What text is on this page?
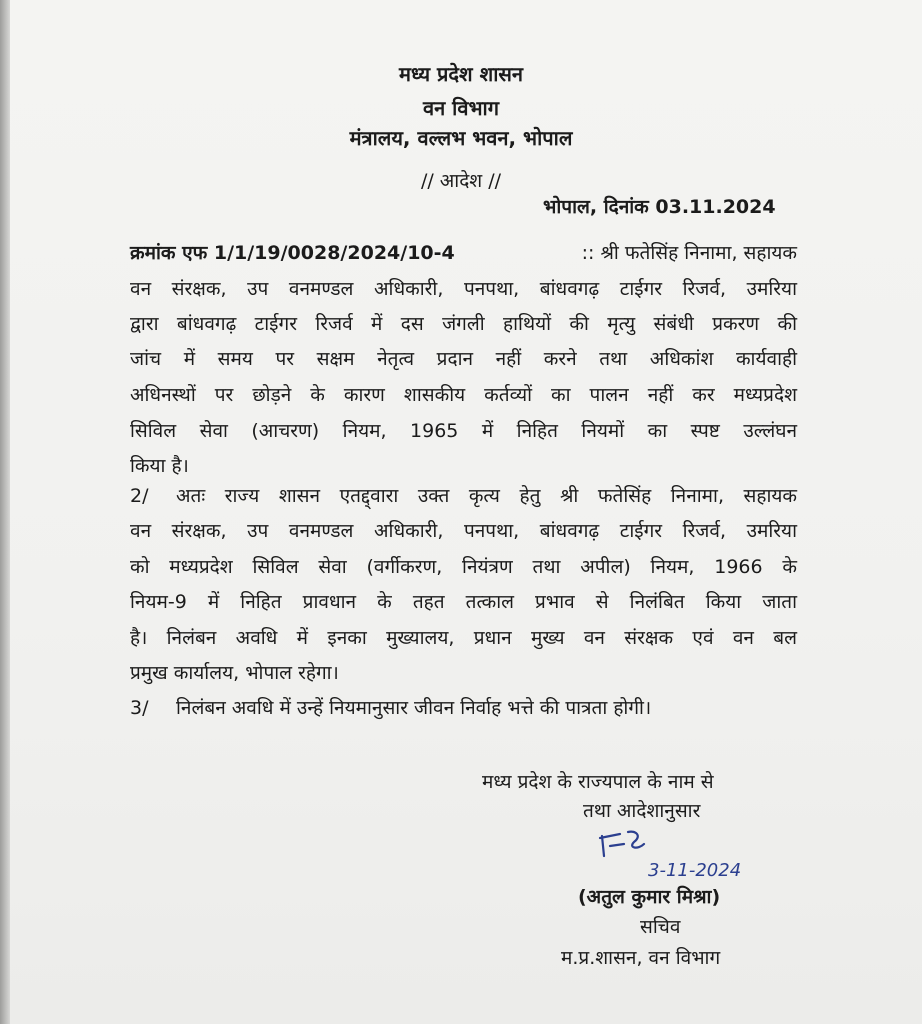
मध्य प्रदेश शासन
वन विभाग
मंत्रालय, वल्लभ भवन, भोपाल
// आदेश //
भोपाल, दिनांक 03.11.2024
क्रमांक एफ 1/1/19/0028/2024/10-4	:: श्री फतेसिंह निनामा, सहायक
वन संरक्षक, उप वनमण्डल अधिकारी, पनपथा, बांधवगढ़ टाईगर रिजर्व, उमरिया
द्वारा बांधवगढ़ टाईगर रिजर्व में दस जंगली हाथियों की मृत्यु संबंधी प्रकरण की
जांच में समय पर सक्षम नेतृत्व प्रदान नहीं करने तथा अधिकांश कार्यवाही
अधिनस्थों पर छोड़ने के कारण शासकीय कर्तव्यों का पालन नहीं कर मध्यप्रदेश
सिविल सेवा (आचरण) नियम, 1965 में निहित नियमों का स्पष्ट उल्लंघन
किया है।
2/	अतः राज्य शासन एतद्द्वारा उक्त कृत्य हेतु श्री फतेसिंह निनामा, सहायक
वन संरक्षक, उप वनमण्डल अधिकारी, पनपथा, बांधवगढ़ टाईगर रिजर्व, उमरिया
को मध्यप्रदेश सिविल सेवा (वर्गीकरण, नियंत्रण तथा अपील) नियम, 1966 के
नियम-9 में निहित प्रावधान के तहत तत्काल प्रभाव से निलंबित किया जाता
है। निलंबन अवधि में इनका मुख्यालय, प्रधान मुख्य वन संरक्षक एवं वन बल
प्रमुख कार्यालय, भोपाल रहेगा।
3/	निलंबन अवधि में उन्हें नियमानुसार जीवन निर्वाह भत्ते की पात्रता होगी।
मध्य प्रदेश के राज्यपाल के नाम से
तथा आदेशानुसार
3-11-2024
(अतुल कुमार मिश्रा)
सचिव
म.प्र.शासन, वन विभाग
